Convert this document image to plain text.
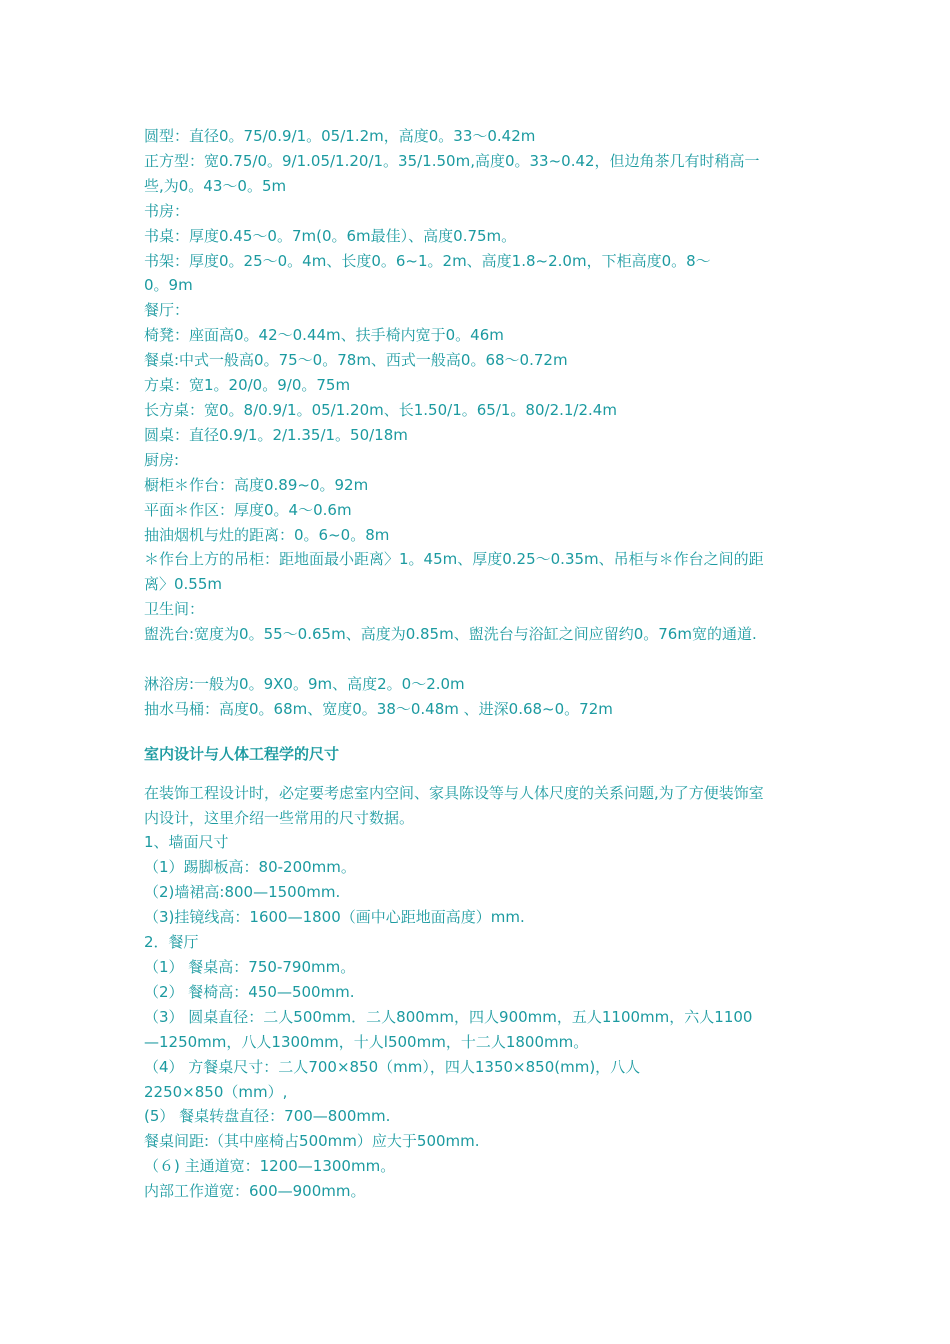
圆型：直径0。75/0.9/1。05/1.2m，高度0。33～0.42m
正方型：宽0.75/0。9/1.05/1.20/1。35/1.50m,高度0。33~0.42，但边角茶几有时稍高一
些,为0。43～0。5m
书房：
书桌：厚度0.45～0。7m(0。6m最佳）、高度0.75m。
书架：厚度0。25～0。4m、长度0。6~1。2m、高度1.8~2.0m，下柜高度0。8～
0。9m
餐厅：
椅凳：座面高0。42～0.44m、扶手椅内宽于0。46m
餐桌:中式一般高0。75～0。78m、西式一般高0。68～0.72m
方桌：宽1。20/0。9/0。75m
长方桌：宽0。8/0.9/1。05/1.20m、长1.50/1。65/1。80/2.1/2.4m
圆桌：直径0.9/1。2/1.35/1。50/18m
厨房:
橱柜＊作台：高度0.89~0。92m
平面＊作区：厚度0。4～0.6m
抽油烟机与灶的距离：0。6~0。8m
＊作台上方的吊柜：距地面最小距离〉1。45m、厚度0.25～0.35m、吊柜与＊作台之间的距
离〉0.55m
卫生间：
盥洗台:宽度为0。55～0.65m、高度为0.85m、盥洗台与浴缸之间应留约0。76m宽的通道.
淋浴房:一般为0。9X0。9m、高度2。0～2.0m
抽水马桶：高度0。68m、宽度0。38～0.48m 、进深0.68~0。72m
室内设计与人体工程学的尺寸
在装饰工程设计时，必定要考虑室内空间、家具陈设等与人体尺度的关系问题,为了方便装饰室
内设计，这里介绍一些常用的尺寸数据。
1、墙面尺寸
（1）踢脚板高：80-200mm。
（2)墙裙高:800—1500mm.
（3)挂镜线高：1600—1800（画中心距地面高度）mm.
2．餐厅
（1） 餐桌高：750-790mm。
（2） 餐椅高：450—500mm.
（3） 圆桌直径：二人500mm．二人800mm，四人900mm，五人1100mm，六人1100
—1250mm，八人1300mm，十人l500mm，十二人1800mm。
（4） 方餐桌尺寸：二人700×850（mm），四人1350×850(mm)，八人
2250×850（mm）,
(5） 餐桌转盘直径：700—800mm.
餐桌间距:（其中座椅占500mm）应大于500mm.
（６) 主通道宽：1200—1300mm。
内部工作道宽：600—900mm。
